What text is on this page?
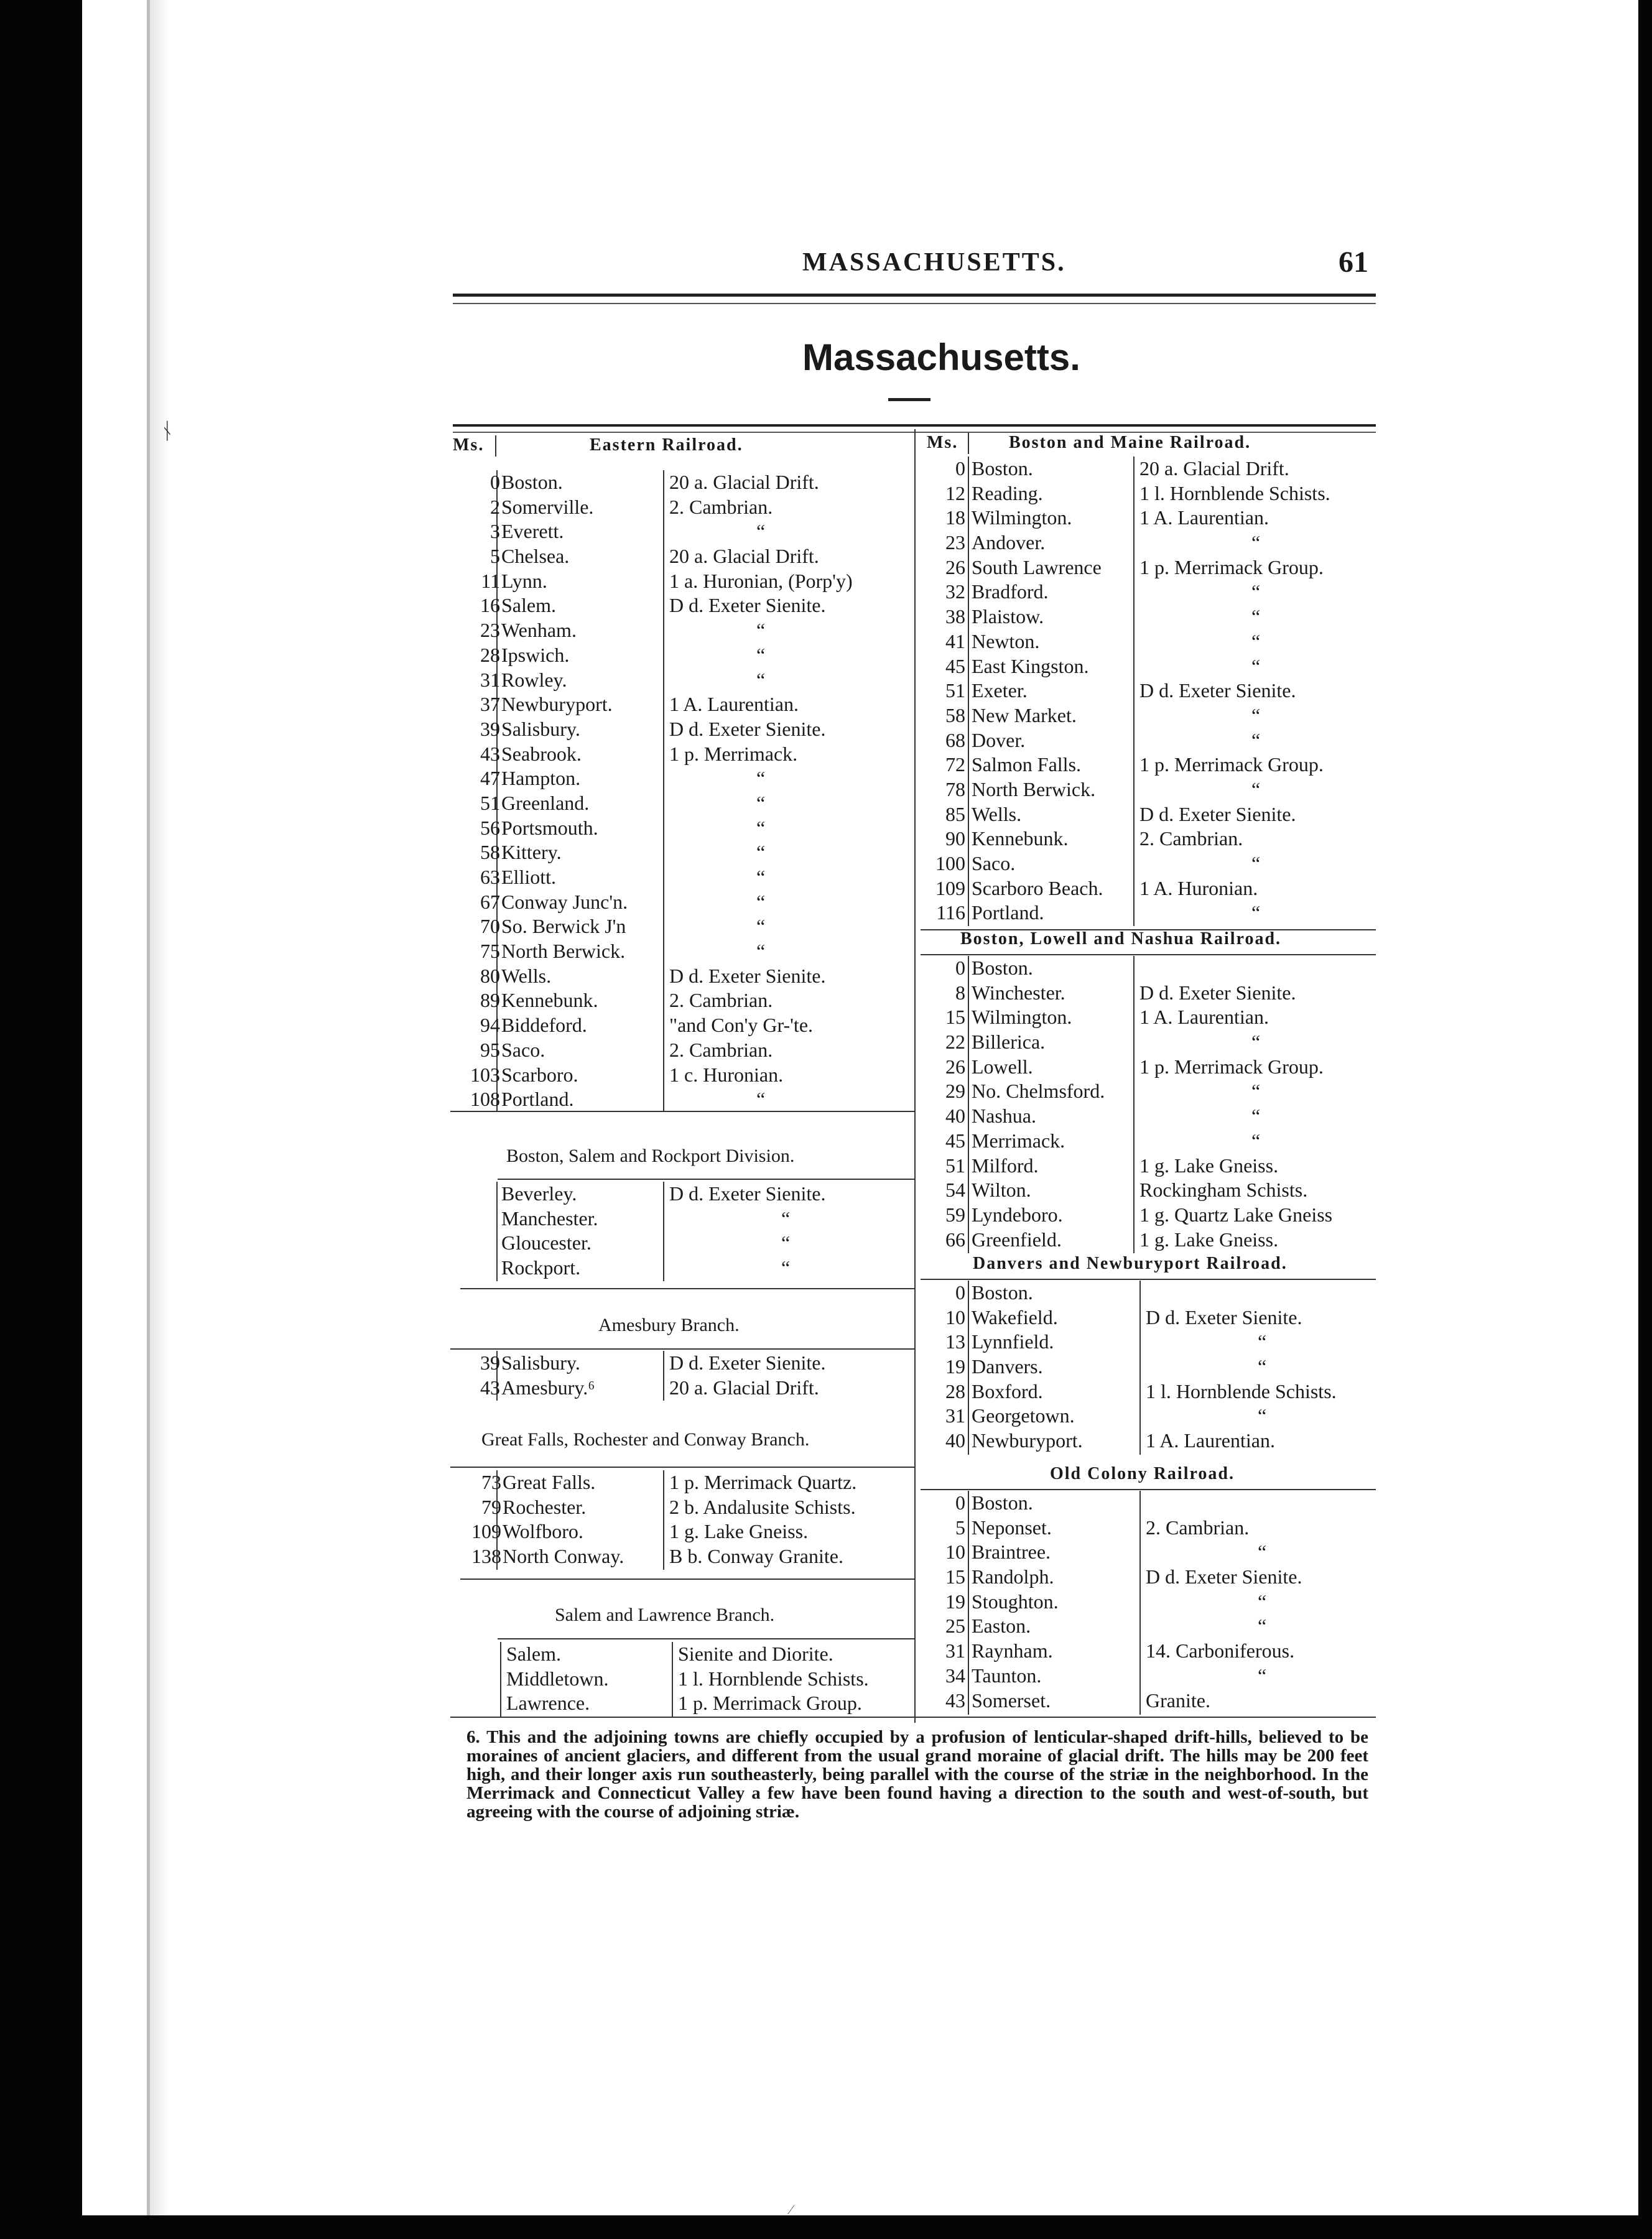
ᚾ
MASSACHUSETTS.	61
Massachusetts.
Ms.	Eastern Railroad.	Ms.	Boston and Maine Railroad.
0 Boston.	20 a. Glacial Drift.
2 Somerville.	2. Cambrian.
3 Everett.	“
5 Chelsea.	20 a. Glacial Drift.
11 Lynn.	1 a. Huronian, (Porp'y)
16 Salem.	D d. Exeter Sienite.
23 Wenham.	“
28 Ipswich.	“
31 Rowley.	“
37 Newburyport.	1 A. Laurentian.
39 Salisbury.	D d. Exeter Sienite.
43 Seabrook.	1 p. Merrimack.
47 Hampton.	“
51 Greenland.	“
56 Portsmouth.	“
58 Kittery.	“
63 Elliott.	“
67 Conway Junc'n.	“
70 So. Berwick J'n	“
75 North Berwick.	“
80 Wells.	D d. Exeter Sienite.
89 Kennebunk.	2. Cambrian.
94 Biddeford.	"and Con'y Gr-'te.
95 Saco.	2. Cambrian.
103 Scarboro.	1 c. Huronian.
108 Portland.	“
Boston, Salem and Rockport Division.
Beverley.	D d. Exeter Sienite.
Manchester.	“
Gloucester.	“
Rockport.	“
Amesbury Branch.
39 Salisbury.	D d. Exeter Sienite.
43 Amesbury.⁶	20 a. Glacial Drift.
Great Falls, Rochester and Conway Branch.
73 Great Falls.	1 p. Merrimack Quartz.
79 Rochester.	2 b. Andalusite Schists.
109 Wolfboro.	1 g. Lake Gneiss.
138 North Conway. B b. Conway Granite.
Salem and Lawrence Branch.
Salem.	Sienite and Diorite.
Middletown.	1 l. Hornblende Schists.
Lawrence.	1 p. Merrimack Group.
0 Boston.	20 a. Glacial Drift.
12 Reading.	1 l. Hornblende Schists.
18 Wilmington.	1 A. Laurentian.
23 Andover.	“
26 South Lawrence 1 p. Merrimack Group.
32 Bradford.	“
38 Plaistow.	“
41 Newton.	“
45 East Kingston.	“
51 Exeter.	D d. Exeter Sienite.
58 New Market.	“
68 Dover.	“
72 Salmon Falls.	1 p. Merrimack Group.
78 North Berwick.	“
85 Wells.	D d. Exeter Sienite.
90 Kennebunk.	2. Cambrian.
100 Saco.	“
109 Scarboro Beach. 1 A. Huronian.
116 Portland.	“
Boston, Lowell and Nashua Railroad.
0 Boston.
8 Winchester.	D d. Exeter Sienite.
15 Wilmington.	1 A. Laurentian.
22 Billerica.	“
26 Lowell.	1 p. Merrimack Group.
29 No. Chelmsford.	“
40 Nashua.	“
45 Merrimack.	“
51 Milford.	1 g. Lake Gneiss.
54 Wilton.	Rockingham Schists.
59 Lyndeboro.	1 g. Quartz Lake Gneiss
66 Greenfield.	1 g. Lake Gneiss.
Danvers and Newburyport Railroad.
0 Boston.
10 Wakefield.	D d. Exeter Sienite.
13 Lynnfield.	“
19 Danvers.	“
28 Boxford.	1 l. Hornblende Schists.
31 Georgetown.	“
40 Newburyport.	1 A. Laurentian.
Old Colony Railroad.
0 Boston.
5 Neponset.	2. Cambrian.
10 Braintree.	“
15 Randolph.	D d. Exeter Sienite.
19 Stoughton.	“
25 Easton.	“
31 Raynham.	14. Carboniferous.
34 Taunton.	“
43 Somerset.	Granite.

6. This and the adjoining towns are chiefly occupied by a profusion of lenticular-shaped drift-hills, believed to be moraines of ancient glaciers, and different from the usual grand moraine of glacial drift. The hills may be 200 feet high, and their longer axis run southeasterly, being parallel with the course of the striæ in the neighborhood. In the Merrimack and Connecticut Valley a few have been found having a direction to the south and west-of-south, but agreeing with the course of adjoining striæ.

⁄
